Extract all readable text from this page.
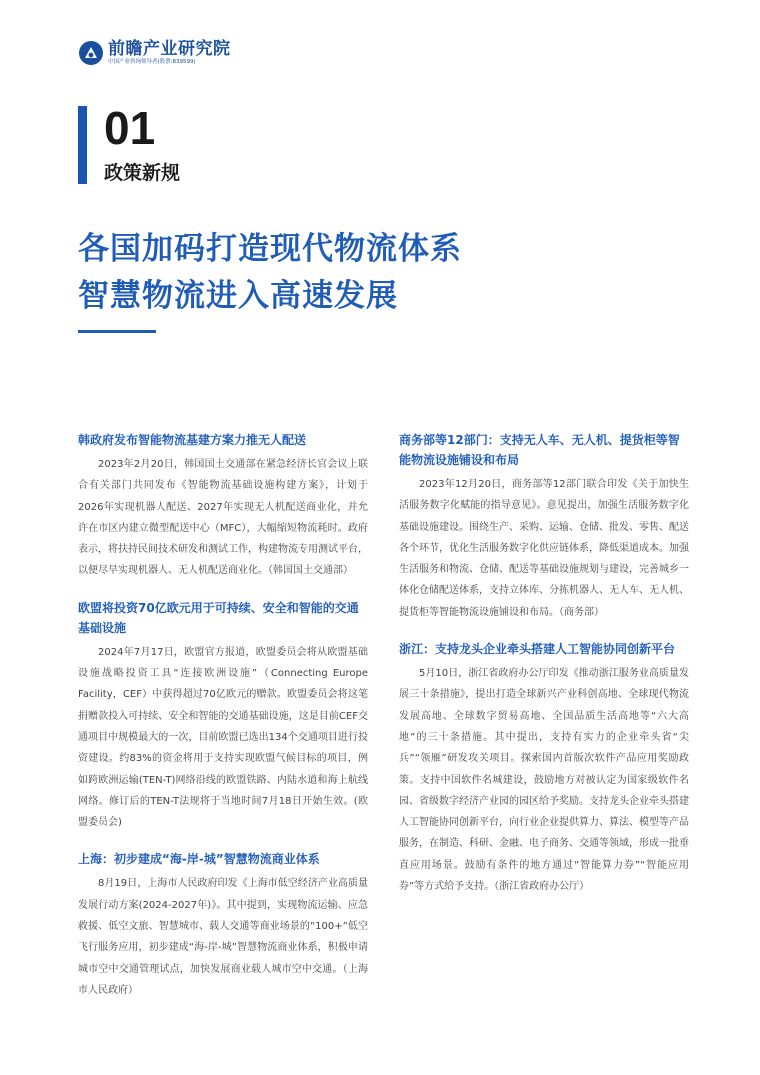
前瞻产业研究院
中国产业咨询领导者(股票:839599)
01
政策新规
各国加码打造现代物流体系
智慧物流进入高速发展
韩政府发布智能物流基建方案力推无人配送

2023年2月20日，韩国国土交通部在紧急经济长官会议上联合有关部门共同发布《智能物流基础设施构建方案》，计划于2026年实现机器人配送、2027年实现无人机配送商业化，并允许在市区内建立微型配送中心（MFC），大幅缩短物流耗时。政府表示，将扶持民间技术研发和测试工作，构建物流专用测试平台，以便尽早实现机器人、无人机配送商业化。（韩国国土交通部）

欧盟将投资70亿欧元用于可持续、安全和智能的交通基础设施

2024年7月17日，欧盟官方报道，欧盟委员会将从欧盟基础设施战略投资工具“连接欧洲设施”（Connecting Europe Facility，CEF）中获得超过70亿欧元的赠款。欧盟委员会将这笔捐赠款投入可持续、安全和智能的交通基础设施，这是目前CEF交通项目中规模最大的一次，目前欧盟已选出134个交通项目进行投资建设。约83%的资金将用于支持实现欧盟气候目标的项目，例如跨欧洲运输(TEN-T)网络沿线的欧盟铁路、内陆水道和海上航线网络。修订后的TEN-T法规将于当地时间7月18日开始生效。(欧盟委员会)

上海：初步建成“海-岸-城”智慧物流商业体系

8月19日，上海市人民政府印发《上海市低空经济产业高质量发展行动方案(2024-2027年)》。其中提到，实现物流运输、应急救援、低空文旅、智慧城市、载人交通等商业场景的“100+”低空飞行服务应用，初步建成“海-岸-城”智慧物流商业体系，积极申请城市空中交通管理试点，加快发展商业载人城市空中交通。（上海市人民政府）

商务部等12部门：支持无人车、无人机、提货柜等智能物流设施铺设和布局

2023年12月20日，商务部等12部门联合印发《关于加快生活服务数字化赋能的指导意见》。意见提出，加强生活服务数字化基础设施建设。围绕生产、采购、运输、仓储、批发、零售、配送各个环节，优化生活服务数字化供应链体系，降低渠道成本。加强生活服务和物流、仓储、配送等基础设施规划与建设，完善城乡一体化仓储配送体系，支持立体库、分拣机器人、无人车、无人机、提货柜等智能物流设施铺设和布局。（商务部）

浙江：支持龙头企业牵头搭建人工智能协同创新平台

5月10日，浙江省政府办公厅印发《推动浙江服务业高质量发展三十条措施》，提出打造全球新兴产业科创高地、全球现代物流发展高地、全球数字贸易高地、全国品质生活高地等“六大高地”的三十条措施。其中提出，支持有实力的企业牵头省“尖兵”“领雁”研发攻关项目。探索国内首版次软件产品应用奖励政策。支持中国软件名城建设，鼓励地方对被认定为国家级软件名园、省级数字经济产业园的园区给予奖励。支持龙头企业牵头搭建人工智能协同创新平台，向行业企业提供算力、算法、模型等产品服务，在制造、科研、金融、电子商务、交通等领域，形成一批垂直应用场景。鼓励有条件的地方通过“智能算力券”“智能应用券”等方式给予支持。（浙江省政府办公厅）
